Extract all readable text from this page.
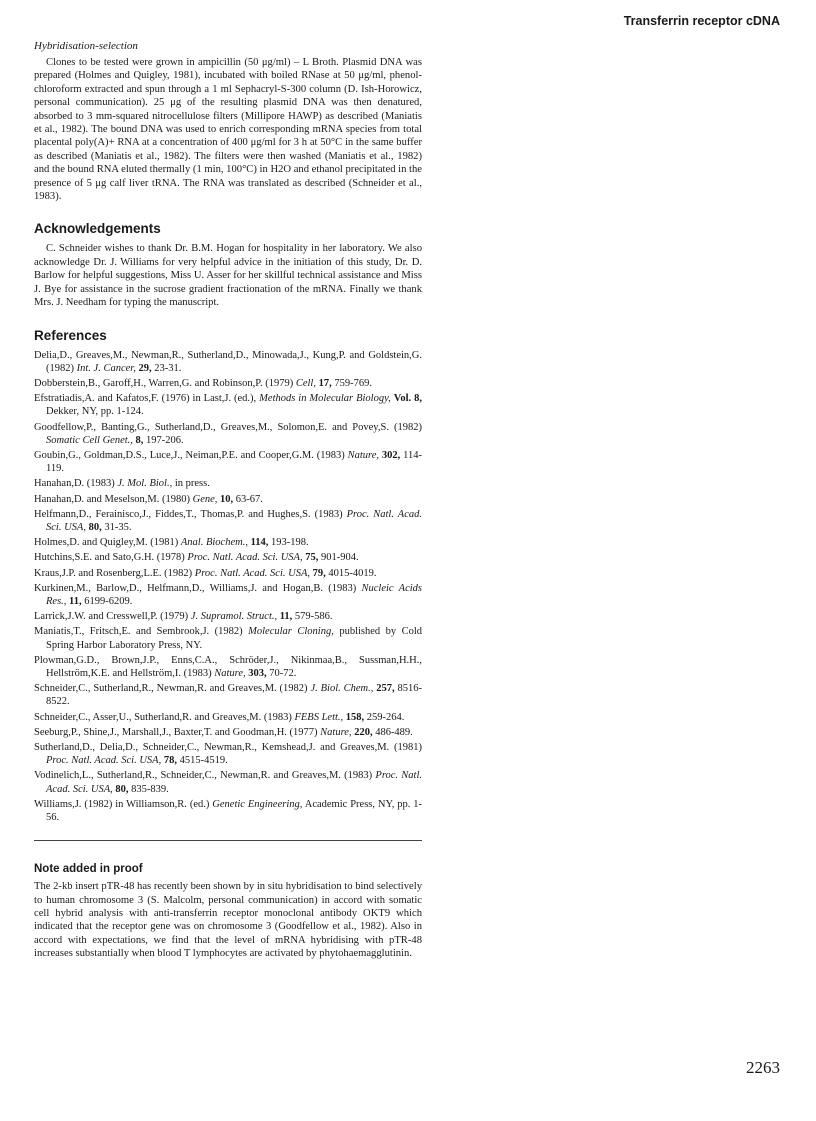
Transferrin receptor cDNA
Hybridisation-selection

Clones to be tested were grown in ampicillin (50 μg/ml) – L Broth. Plasmid DNA was prepared (Holmes and Quigley, 1981), incubated with boiled RNase at 50 μg/ml, phenol-chloroform extracted and spun through a 1 ml Sephacryl-S-300 column (D. Ish-Horowicz, personal communication). 25 μg of the resulting plasmid DNA was then denatured, absorbed to 3 mm-squared nitrocellulose filters (Millipore HAWP) as described (Maniatis et al., 1982). The bound DNA was used to enrich corresponding mRNA species from total placental poly(A)+ RNA at a concentration of 400 μg/ml for 3 h at 50°C in the same buffer as described (Maniatis et al., 1982). The filters were then washed (Maniatis et al., 1982) and the bound RNA eluted thermally (1 min, 100°C) in H2O and ethanol precipitated in the presence of 5 μg calf liver tRNA. The RNA was translated as described (Schneider et al., 1983).

Acknowledgements

C. Schneider wishes to thank Dr. B.M. Hogan for hospitality in her laboratory. We also acknowledge Dr. J. Williams for very helpful advice in the initiation of this study, Dr. D. Barlow for helpful suggestions, Miss U. Asser for her skillful technical assistance and Miss J. Bye for assistance in the sucrose gradient fractionation of the mRNA. Finally we thank Mrs. J. Needham for typing the manuscript.

References
Delia,D., Greaves,M., Newman,R., Sutherland,D., Minowada,J., Kung,P. and Goldstein,G. (1982) Int. J. Cancer, 29, 23-31.
Dobberstein,B., Garoff,H., Warren,G. and Robinson,P. (1979) Cell, 17, 759-769.
Efstratiadis,A. and Kafatos,F. (1976) in Last,J. (ed.), Methods in Molecular Biology, Vol. 8, Dekker, NY, pp. 1-124.
Goodfellow,P., Banting,G., Sutherland,D., Greaves,M., Solomon,E. and Povey,S. (1982) Somatic Cell Genet., 8, 197-206.
Goubin,G., Goldman,D.S., Luce,J., Neiman,P.E. and Cooper,G.M. (1983) Nature, 302, 114-119.
Hanahan,D. (1983) J. Mol. Biol., in press.
Hanahan,D. and Meselson,M. (1980) Gene, 10, 63-67.
Helfmann,D., Ferainisco,J., Fiddes,T., Thomas,P. and Hughes,S. (1983) Proc. Natl. Acad. Sci. USA, 80, 31-35.
Holmes,D. and Quigley,M. (1981) Anal. Biochem., 114, 193-198.
Hutchins,S.E. and Sato,G.H. (1978) Proc. Natl. Acad. Sci. USA, 75, 901-904.
Kraus,J.P. and Rosenberg,L.E. (1982) Proc. Natl. Acad. Sci. USA, 79, 4015-4019.
Kurkinen,M., Barlow,D., Helfmann,D., Williams,J. and Hogan,B. (1983) Nucleic Acids Res., 11, 6199-6209.
Larrick,J.W. and Cresswell,P. (1979) J. Supramol. Struct., 11, 579-586.
Maniatis,T., Fritsch,E. and Sembrook,J. (1982) Molecular Cloning, published by Cold Spring Harbor Laboratory Press, NY.
Plowman,G.D., Brown,J.P., Enns,C.A., Schröder,J., Nikinmaa,B., Sussman,H.H., Hellström,K.E. and Hellström,I. (1983) Nature, 303, 70-72.
Schneider,C., Sutherland,R., Newman,R. and Greaves,M. (1982) J. Biol. Chem., 257, 8516-8522.
Schneider,C., Asser,U., Sutherland,R. and Greaves,M. (1983) FEBS Lett., 158, 259-264.
Seeburg,P., Shine,J., Marshall,J., Baxter,T. and Goodman,H. (1977) Nature, 220, 486-489.
Sutherland,D., Delia,D., Schneider,C., Newman,R., Kemshead,J. and Greaves,M. (1981) Proc. Natl. Acad. Sci. USA, 78, 4515-4519.
Vodinelich,L., Sutherland,R., Schneider,C., Newman,R. and Greaves,M. (1983) Proc. Natl. Acad. Sci. USA, 80, 835-839.
Williams,J. (1982) in Williamson,R. (ed.) Genetic Engineering, Academic Press, NY, pp. 1-56.
Note added in proof

The 2-kb insert pTR-48 has recently been shown by in situ hybridisation to bind selectively to human chromosome 3 (S. Malcolm, personal communication) in accord with somatic cell hybrid analysis with anti-transferrin receptor monoclonal antibody OKT9 which indicated that the receptor gene was on chromosome 3 (Goodfellow et al., 1982). Also in accord with expectations, we find that the level of mRNA hybridising with pTR-48 increases substantially when blood T lymphocytes are activated by phytohaemagglutinin.

2263
